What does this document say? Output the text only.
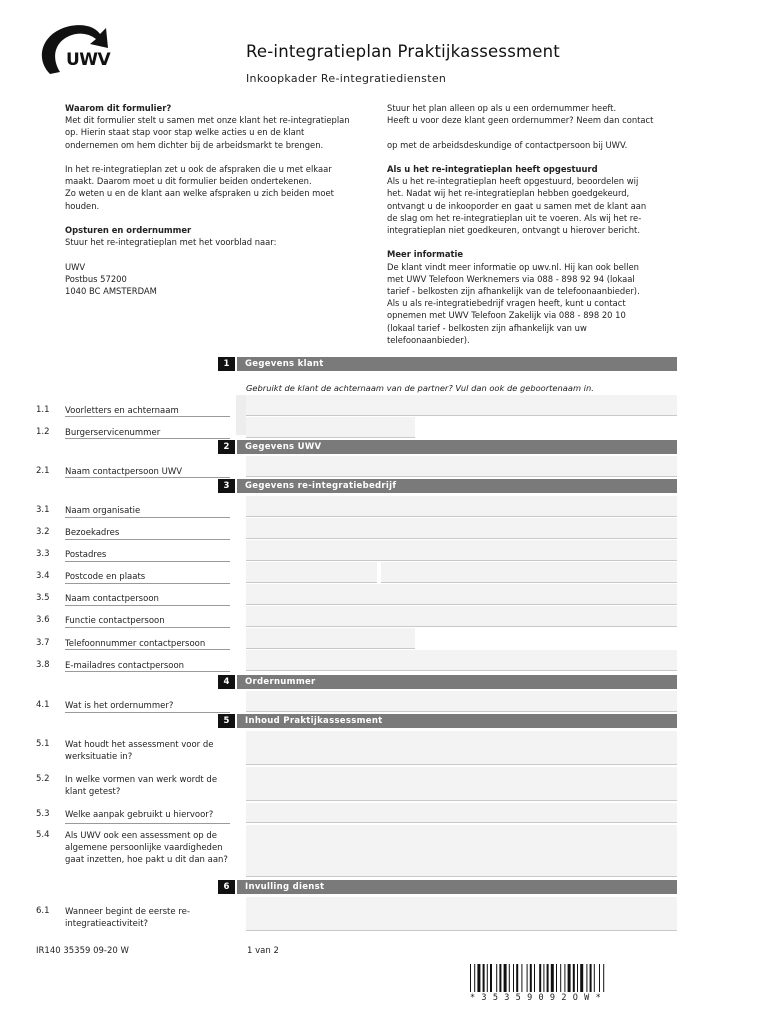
UWV	Re-integratieplan Praktijkassessment
Inkoopkader Re-integratiediensten
Waarom dit formulier?
Met dit formulier stelt u samen met onze klant het re-integratieplan
op. Hierin staat stap voor stap welke acties u en de klant
ondernemen om hem dichter bij de arbeidsmarkt te brengen.
In het re-integratieplan zet u ook de afspraken die u met elkaar
maakt. Daarom moet u dit formulier beiden ondertekenen.
Zo weten u en de klant aan welke afspraken u zich beiden moet
houden.
Opsturen en ordernummer
Stuur het re-integratieplan met het voorblad naar:
UWV
Postbus 57200
1040 BC AMSTERDAM
Stuur het plan alleen op als u een ordernummer heeft.
Heeft u voor deze klant geen ordernummer? Neem dan contact
op met de arbeidsdeskundige of contactpersoon bij UWV.
Als u het re-integratieplan heeft opgestuurd
Als u het re-integratieplan heeft opgestuurd, beoordelen wij
het. Nadat wij het re-integratieplan hebben goedgekeurd,
ontvangt u de inkooporder en gaat u samen met de klant aan
de slag om het re-integratieplan uit te voeren. Als wij het re-
integratieplan niet goedkeuren, ontvangt u hierover bericht.
Meer informatie
De klant vindt meer informatie op uwv.nl. Hij kan ook bellen
met UWV Telefoon Werknemers via 088 - 898 92 94 (lokaal
tarief - belkosten zijn afhankelijk van de telefoonaanbieder).
Als u als re-integratiebedrijf vragen heeft, kunt u contact
opnemen met UWV Telefoon Zakelijk via 088 - 898 20 10
(lokaal tarief - belkosten zijn afhankelijk van uw
telefoonaanbieder).
1	Gegevens klant
Gebruikt de klant de achternaam van de partner? Vul dan ook de geboortenaam in.
1.1 Voorletters en achternaam
1.2 Burgerservicenummer
2	Gegevens UWV
2.1 Naam contactpersoon UWV
3	Gegevens re-integratiebedrijf
3.1 Naam organisatie
3.2 Bezoekadres
3.3 Postadres
3.4 Postcode en plaats
3.5 Naam contactpersoon
3.6 Functie contactpersoon
3.7 Telefoonnummer contactpersoon
3.8 E-mailadres contactpersoon
4	Ordernummer
4.1 Wat is het ordernummer?
5	Inhoud Praktijkassessment
5.1 Wat houdt het assessment voor de werksituatie in?
5.2 In welke vormen van werk wordt de klant getest?
5.3 Welke aanpak gebruikt u hiervoor?
5.4 Als UWV ook een assessment op de algemene persoonlijke vaardigheden gaat inzetten, hoe pakt u dit dan aan?
6	Invulling dienst
6.1 Wanneer begint de eerste re-integratieactiviteit?
IR140 35359 09-20 W	1 van 2
*35359092OW*
